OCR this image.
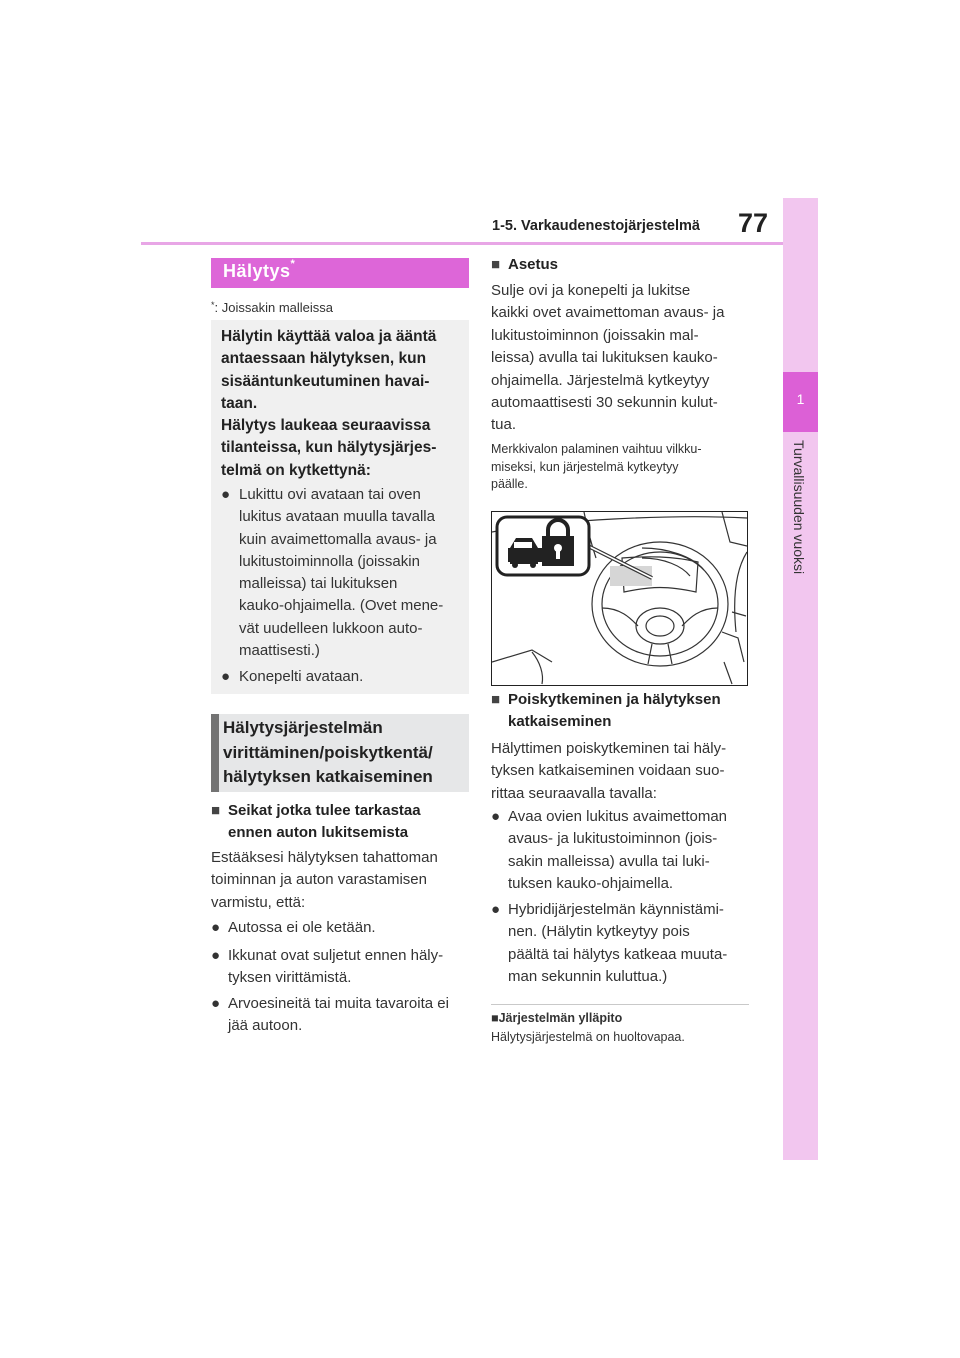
1-5. Varkaudenestojärjestelmä 77
1
Turvallisuuden vuoksi
Hälytys*
*: Joissakin malleissa
Hälytin käyttää valoa ja ääntä
antaessaan hälytyksen, kun
sisääntunkeutuminen havai-
taan.
Hälytys laukeaa seuraavissa
tilanteissa, kun hälytysjärjes-
telmä on kytkettynä:
● Lukittu ovi avataan tai oven
lukitus avataan muulla tavalla
kuin avaimettomalla avaus- ja
lukitustoiminnolla (joissakin
malleissa) tai lukituksen
kauko-ohjaimella. (Ovet mene-
vät uudelleen lukkoon auto-
maattisesti.)
● Konepelti avataan.
Hälytysjärjestelmän
virittäminen/poiskytkentä/
hälytyksen katkaiseminen
■ Seikat jotka tulee tarkastaa
ennen auton lukitsemista
Estääksesi hälytyksen tahattoman
toiminnan ja auton varastamisen
varmistu, että:
● Autossa ei ole ketään.
● Ikkunat ovat suljetut ennen häly-
tyksen virittämistä.
● Arvoesineitä tai muita tavaroita ei
jää autoon.
■ Asetus
Sulje ovi ja konepelti ja lukitse
kaikki ovet avaimettoman avaus- ja
lukitustoiminnon (joissakin mal-
leissa) avulla tai lukituksen kauko-
ohjaimella. Järjestelmä kytkeytyy
automaattisesti 30 sekunnin kulut-
tua.
Merkkivalon palaminen vaihtuu vilkku-
miseksi, kun järjestelmä kytkeytyy
päälle.
■ Poiskytkeminen ja hälytyksen
katkaiseminen
Hälyttimen poiskytkeminen tai häly-
tyksen katkaiseminen voidaan suo-
rittaa seuraavalla tavalla:
● Avaa ovien lukitus avaimettoman
avaus- ja lukitustoiminnon (jois-
sakin malleissa) avulla tai luki-
tuksen kauko-ohjaimella.
● Hybridijärjestelmän käynnistämi-
nen. (Hälytin kytkeytyy pois
päältä tai hälytys katkeaa muuta-
man sekunnin kuluttua.)
■Järjestelmän ylläpito
Hälytysjärjestelmä on huoltovapaa.
